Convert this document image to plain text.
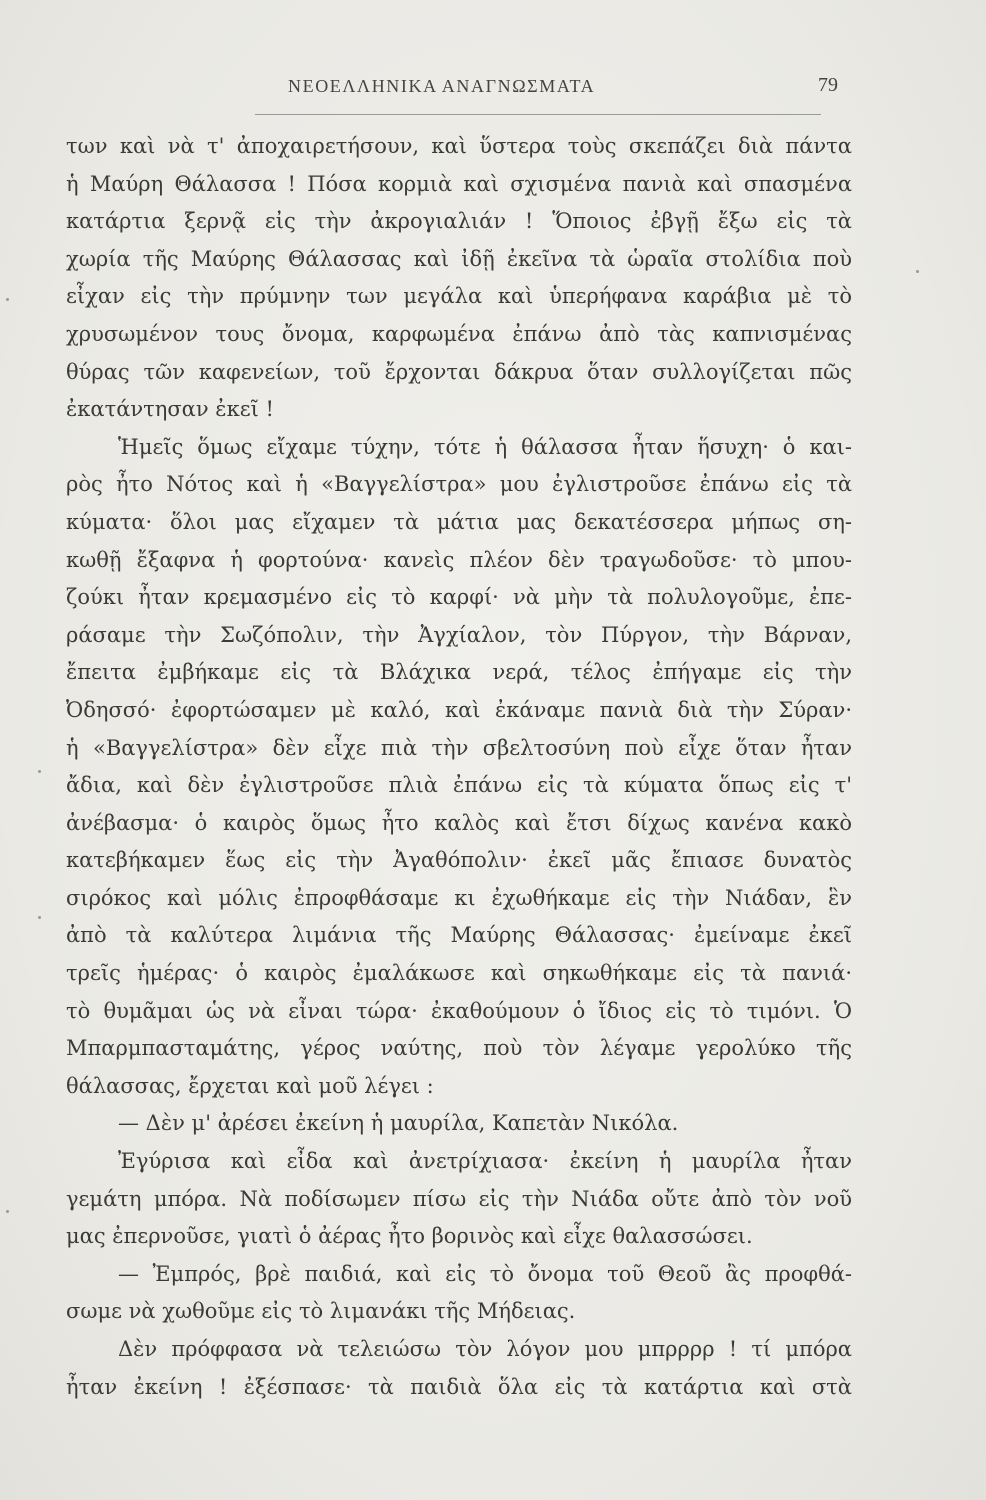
ΝΕΟΕΛΛΗΝΙΚΑ ΑΝΑΓΝΩΣΜΑΤΑ	79
των καὶ νὰ τ' ἀποχαιρετήσουν, καὶ ὕστερα τοὺς σκεπάζει διὰ πάντα
ἡ Μαύρη Θάλασσα ! Πόσα κορμιὰ καὶ σχισμένα πανιὰ καὶ σπασμένα
κατάρτια ξερνᾷ εἰς τὴν ἀκρογιαλιάν ! Ὅποιος ἐβγῇ ἔξω εἰς τὰ
χωρία τῆς Μαύρης Θάλασσας καὶ ἰδῇ ἐκεῖνα τὰ ὡραῖα στολίδια ποὺ
εἶχαν εἰς τὴν πρύμνην των μεγάλα καὶ ὑπερήφανα καράβια μὲ τὸ
χρυσωμένον τους ὄνομα, καρφωμένα ἐπάνω ἀπὸ τὰς καπνισμένας
θύρας τῶν καφενείων, τοῦ ἔρχονται δάκρυα ὅταν συλλογίζεται πῶς
ἐκατάντησαν ἐκεῖ !
Ἡμεῖς ὅμως εἴχαμε τύχην, τότε ἡ θάλασσα ἦταν ἥσυχη· ὁ και-
ρὸς ἦτο Νότος καὶ ἡ «Βαγγελίστρα» μου ἐγλιστροῦσε ἐπάνω εἰς τὰ
κύματα· ὅλοι μας εἴχαμεν τὰ μάτια μας δεκατέσσερα μήπως ση-
κωθῇ ἔξαφνα ἡ φορτούνα· κανεὶς πλέον δὲν τραγωδοῦσε· τὸ μπου-
ζούκι ἦταν κρεμασμένο εἰς τὸ καρφί· νὰ μὴν τὰ πολυλογοῦμε, ἐπε-
ράσαμε τὴν Σωζόπολιν, τὴν Ἀγχίαλον, τὸν Πύργον, τὴν Βάρναν,
ἔπειτα ἐμβήκαμε εἰς τὰ Βλάχικα νερά, τέλος ἐπήγαμε εἰς τὴν
Ὀδησσό· ἐφορτώσαμεν μὲ καλό, καὶ ἐκάναμε πανιὰ διὰ τὴν Σύραν·
ἡ «Βαγγελίστρα» δὲν εἶχε πιὰ τὴν σβελτοσύνη ποὺ εἶχε ὅταν ἦταν
ἄδια, καὶ δὲν ἐγλιστροῦσε πλιὰ ἐπάνω εἰς τὰ κύματα ὅπως εἰς τ'
ἀνέβασμα· ὁ καιρὸς ὅμως ἦτο καλὸς καὶ ἔτσι δίχως κανένα κακὸ
κατεβήκαμεν ἕως εἰς τὴν Ἀγαθόπολιν· ἐκεῖ μᾶς ἔπιασε δυνατὸς
σιρόκος καὶ μόλις ἐπροφθάσαμε κι ἐχωθήκαμε εἰς τὴν Νιάδαν, ἓν
ἀπὸ τὰ καλύτερα λιμάνια τῆς Μαύρης Θάλασσας· ἐμείναμε ἐκεῖ
τρεῖς ἡμέρας· ὁ καιρὸς ἐμαλάκωσε καὶ σηκωθήκαμε εἰς τὰ πανιά·
τὸ θυμᾶμαι ὡς νὰ εἶναι τώρα· ἐκαθούμουν ὁ ἴδιος εἰς τὸ τιμόνι. Ὁ
Μπαρμπασταμάτης, γέρος ναύτης, ποὺ τὸν λέγαμε γερολύκο τῆς
θάλασσας, ἔρχεται καὶ μοῦ λέγει :
— Δὲν μ' ἀρέσει ἐκείνη ἡ μαυρίλα, Καπετὰν Νικόλα.
Ἐγύρισα καὶ εἶδα καὶ ἀνετρίχιασα· ἐκείνη ἡ μαυρίλα ἦταν
γεμάτη μπόρα. Νὰ ποδίσωμεν πίσω εἰς τὴν Νιάδα οὔτε ἀπὸ τὸν νοῦ
μας ἐπερνοῦσε, γιατὶ ὁ ἀέρας ἦτο βορινὸς καὶ εἶχε θαλασσώσει.
— Ἐμπρός, βρὲ παιδιά, καὶ εἰς τὸ ὄνομα τοῦ Θεοῦ ἂς προφθά-
σωμε νὰ χωθοῦμε εἰς τὸ λιμανάκι τῆς Μήδειας.
Δὲν πρόφφασα νὰ τελειώσω τὸν λόγον μου μπρρρρ ! τί μπόρα
ἦταν ἐκείνη ! ἐξέσπασε· τὰ παιδιὰ ὅλα εἰς τὰ κατάρτια καὶ στὰ
